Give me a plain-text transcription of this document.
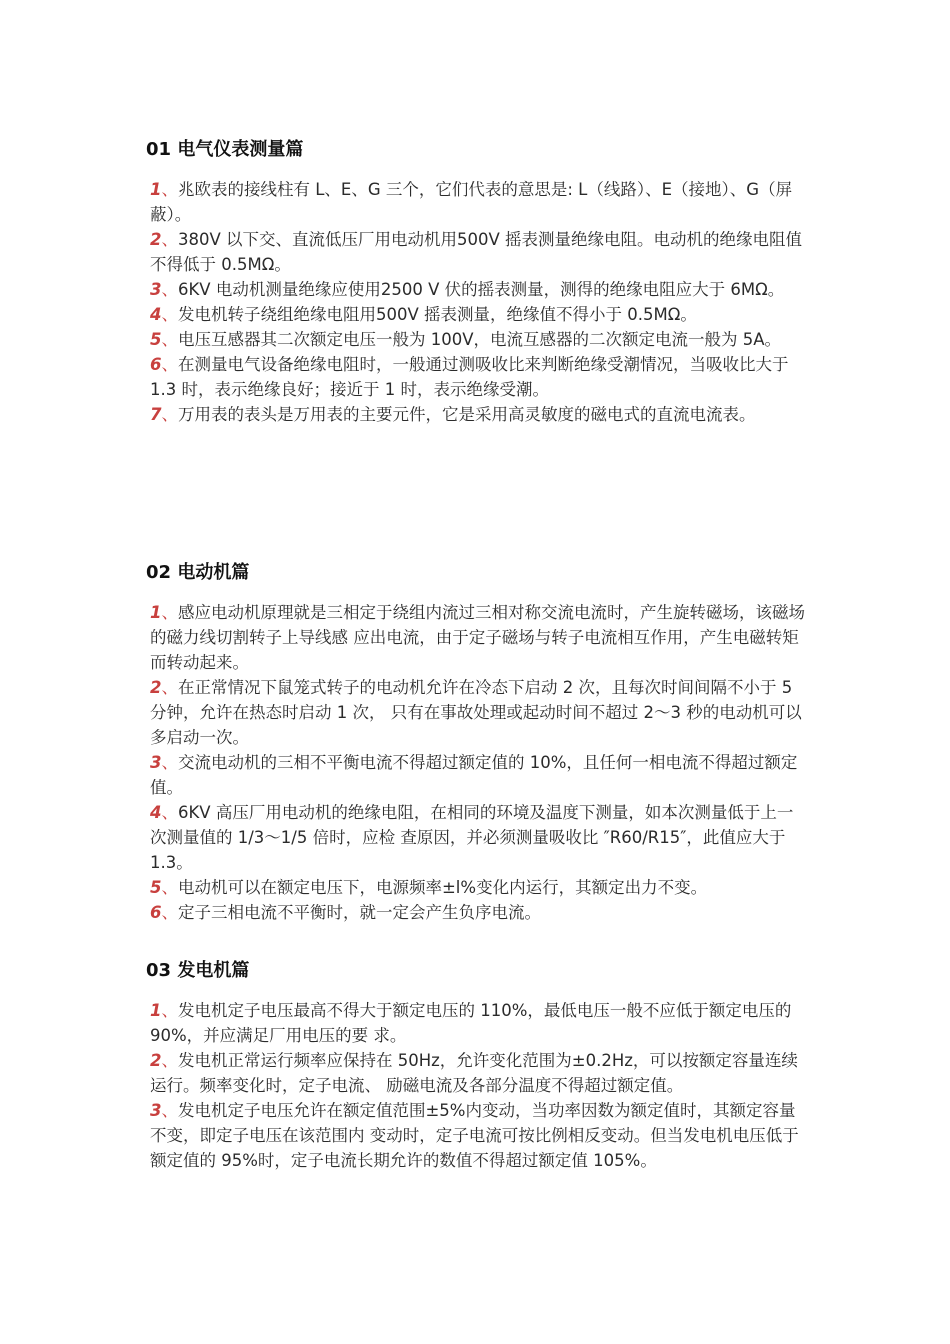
01 电气仪表测量篇

1、兆欧表的接线柱有 L、E、G 三个，它们代表的意思是: L（线路）、E（接地）、G（屏蔽）。

2、380V 以下交、直流低压厂用电动机用500V 摇表测量绝缘电阻。电动机的绝缘电阻值不得低于 0.5MΩ。

3、6KV 电动机测量绝缘应使用2500 V 伏的摇表测量，测得的绝缘电阻应大于 6MΩ。

4、发电机转子绕组绝缘电阻用500V 摇表测量，绝缘值不得小于 0.5MΩ。

5、电压互感器其二次额定电压一般为 100V，电流互感器的二次额定电流一般为 5A。

6、在测量电气设备绝缘电阻时，一般通过测吸收比来判断绝缘受潮情况，当吸收比大于 1.3 时，表示绝缘良好；接近于 1 时，表示绝缘受潮。

7、万用表的表头是万用表的主要元件，它是采用高灵敏度的磁电式的直流电流表。

02 电动机篇

1、感应电动机原理就是三相定于绕组内流过三相对称交流电流时，产生旋转磁场，该磁场的磁力线切割转子上导线感 应出电流，由于定子磁场与转子电流相互作用，产生电磁转矩而转动起来。

2、在正常情况下鼠笼式转子的电动机允许在冷态下启动 2 次，且每次时间间隔不小于 5 分钟，允许在热态时启动 1 次， 只有在事故处理或起动时间不超过 2～3 秒的电动机可以多启动一次。

3、交流电动机的三相不平衡电流不得超过额定值的 10%，且任何一相电流不得超过额定值。

4、6KV 高压厂用电动机的绝缘电阻，在相同的环境及温度下测量，如本次测量低于上一次测量值的 1/3～1/5 倍时，应检 查原因，并必须测量吸收比 ″R60/R15″，此值应大于 1.3。

5、电动机可以在额定电压下，电源频率±l%变化内运行，其额定出力不变。

6、定子三相电流不平衡时，就一定会产生负序电流。

03 发电机篇

1、发电机定子电压最高不得大于额定电压的 110%，最低电压一般不应低于额定电压的 90%，并应满足厂用电压的要 求。

2、发电机正常运行频率应保持在 50Hz，允许变化范围为±0.2Hz，可以按额定容量连续运行。频率变化时，定子电流、 励磁电流及各部分温度不得超过额定值。

3、发电机定子电压允许在额定值范围±5%内变动，当功率因数为额定值时，其额定容量不变，即定子电压在该范围内 变动时，定子电流可按比例相反变动。但当发电机电压低于额定值的 95%时，定子电流长期允许的数值不得超过额定值 105%。
